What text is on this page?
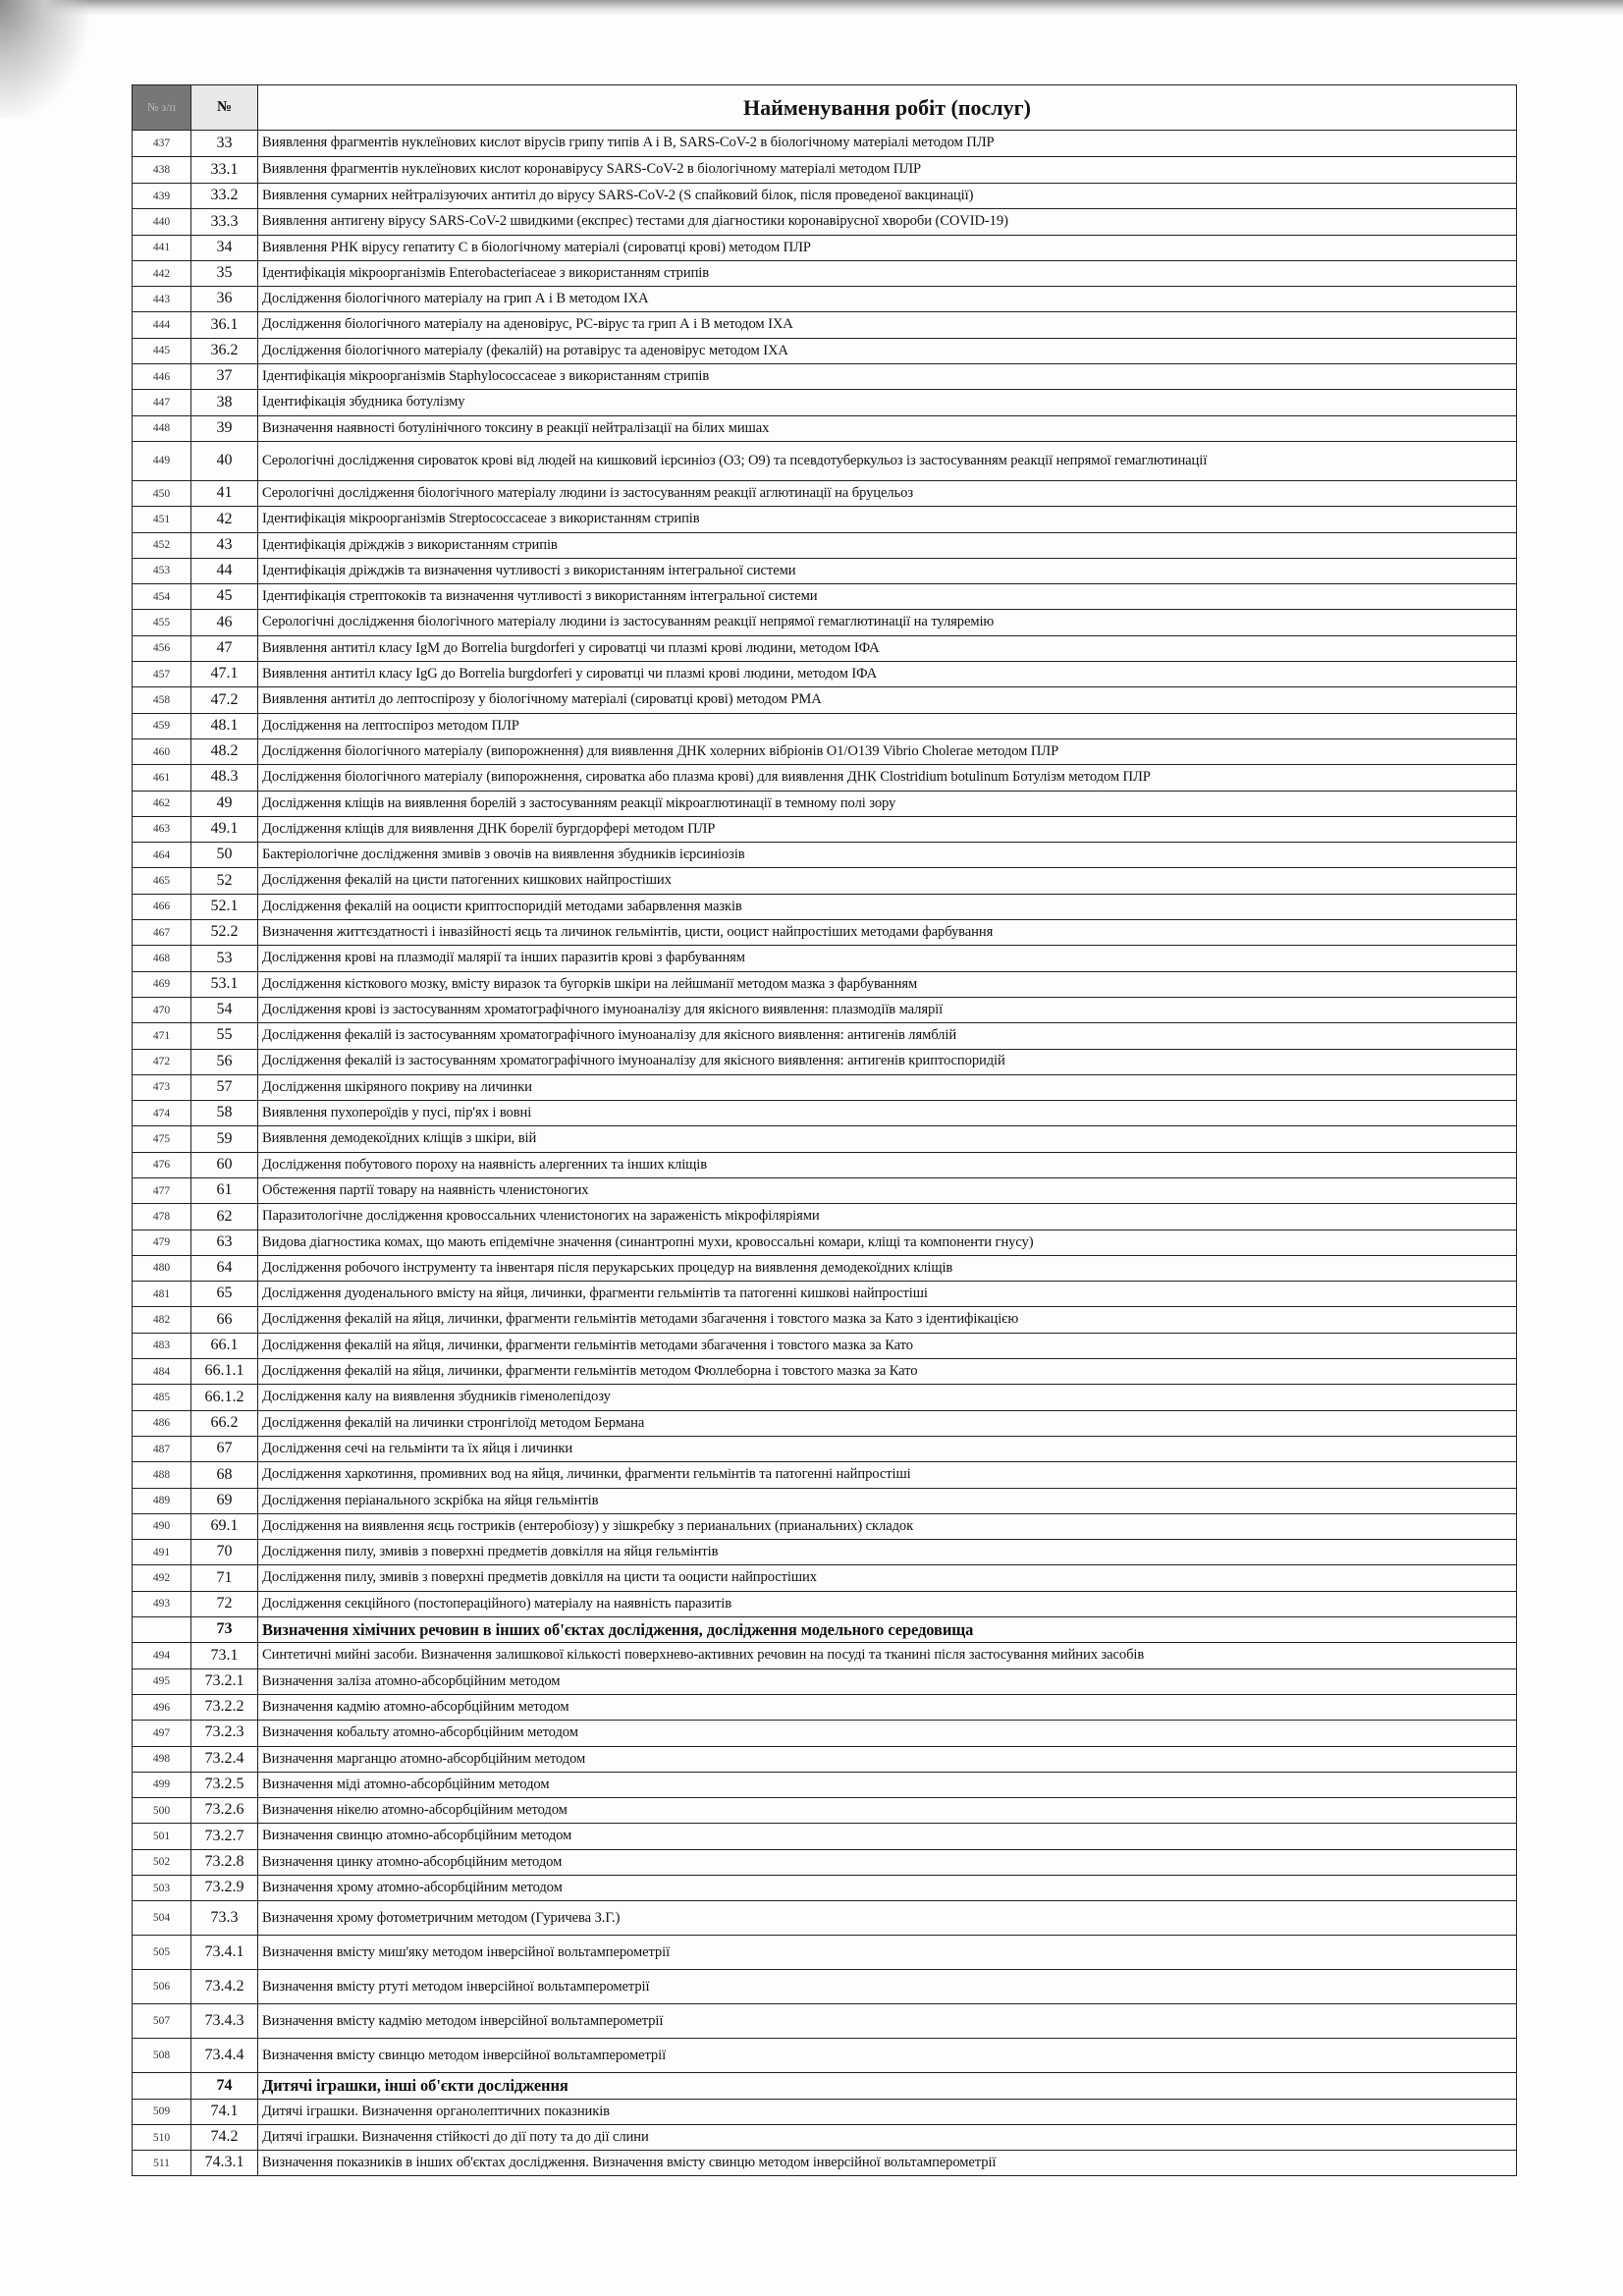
№ з/п	№	Найменування робіт (послуг)
437	33	Виявлення фрагментів нуклеїнових кислот вірусів грипу типів A і B, SARS-CoV-2 в біологічному матеріалі методом ПЛР
438	33.1	Виявлення фрагментів нуклеїнових кислот коронавірусу SARS-CoV-2 в біологічному матеріалі методом ПЛР
439	33.2	Виявлення сумарних нейтралізуючих антитіл до вірусу SARS-CoV-2 (S спайковий білок, після проведеної вакцинації)
440	33.3	Виявлення антигену вірусу SARS-CoV-2 швидкими (експрес) тестами для діагностики коронавірусної хвороби (COVID-19)
441	34	Виявлення РНК вірусу гепатиту С в біологічному матеріалі (сироватці крові) методом ПЛР
442	35	Ідентифікація мікроорганізмів Enterobacteriaceae з використанням стрипів
443	36	Дослідження біологічного матеріалу на грип А і В методом ІХА
444	36.1	Дослідження біологічного матеріалу на аденовірус, РС-вірус та грип А і В методом ІХА
445	36.2	Дослідження біологічного матеріалу (фекалій) на ротавірус та аденовірус методом ІХА
446	37	Ідентифікація мікроорганізмів Staphylococcaceae з використанням стрипів
447	38	Ідентифікація збудника ботулізму
448	39	Визначення наявності ботулінічного токсину в реакції нейтралізації на білих мишах
449	40	Серологічні дослідження сироваток крові від людей на кишковий ієрсиніоз (О3; О9) та псевдотуберкульоз із застосуванням реакції непрямої гемаглютинації
450	41	Серологічні дослідження біологічного матеріалу людини із застосуванням реакції аглютинації на бруцельоз
451	42	Ідентифікація мікроорганізмів Streptococcaceae з використанням стрипів
452	43	Ідентифікація дріжджів з використанням стрипів
453	44	Ідентифікація дріжджів та визначення чутливості з використанням інтегральної системи
454	45	Ідентифікація стрептококів та визначення чутливості з використанням інтегральної системи
455	46	Серологічні дослідження біологічного матеріалу людини із застосуванням реакції непрямої гемаглютинації на туляремію
456	47	Виявлення антитіл класу IgM до Borrelia burgdorferi у сироватці чи плазмі крові людини, методом ІФА
457	47.1	Виявлення антитіл класу IgG до Borrelia burgdorferi у сироватці чи плазмі крові людини, методом ІФА
458	47.2	Виявлення антитіл до лептоспірозу у біологічному матеріалі (сироватці крові) методом РМА
459	48.1	Дослідження на лептоспіроз методом ПЛР
460	48.2	Дослідження біологічного матеріалу (випорожнення) для виявлення ДНК холерних вібріонів О1/О139 Vibrio Cholerae методом ПЛР
461	48.3	Дослідження біологічного матеріалу (випорожнення, сироватка або плазма крові) для виявлення ДНК Clostridium botulinum Ботулізм методом ПЛР
462	49	Дослідження кліщів на виявлення борелій з застосуванням реакції мікроаглютинації в темному полі зору
463	49.1	Дослідження кліщів для виявлення ДНК борелії бургдорфері методом ПЛР
464	50	Бактеріологічне дослідження змивів з овочів на виявлення збудників ієрсиніозів
465	52	Дослідження фекалій на цисти патогенних кишкових найпростіших
466	52.1	Дослідження фекалій на ооцисти криптоспоридій методами забарвлення мазків
467	52.2	Визначення життєздатності і інвазійності яєць та личинок гельмінтів, цисти, ооцист найпростіших методами фарбування
468	53	Дослідження крові на плазмодії малярії та інших паразитів крові з фарбуванням
469	53.1	Дослідження кісткового мозку, вмісту виразок та бугорків шкіри на лейшманії методом мазка з фарбуванням
470	54	Дослідження крові із застосуванням хроматографічного імуноаналізу для якісного виявлення: плазмодіїв малярії
471	55	Дослідження фекалій із застосуванням хроматографічного імуноаналізу для якісного виявлення: антигенів лямблій
472	56	Дослідження фекалій із застосуванням хроматографічного імуноаналізу для якісного виявлення: антигенів криптоспоридій
473	57	Дослідження шкіряного покриву на личинки
474	58	Виявлення пухопероїдів у пусі, пір'ях і вовні
475	59	Виявлення демодекоїдних кліщів з шкіри, вій
476	60	Дослідження побутового пороху на наявність алергенних та інших кліщів
477	61	Обстеження партії товару на наявність членистоногих
478	62	Паразитологічне дослідження кровоссальних членистоногих на зараженість мікрофіляріями
479	63	Видова діагностика комах, що мають епідемічне значення (синантропні мухи, кровоссальні комари, кліщі та компоненти гнусу)
480	64	Дослідження робочого інструменту та інвентаря після перукарських процедур на виявлення демодекоїдних кліщів
481	65	Дослідження дуоденального вмісту на яйця, личинки, фрагменти гельмінтів та патогенні кишкові найпростіші
482	66	Дослідження фекалій на яйця, личинки, фрагменти гельмінтів методами збагачення і товстого мазка за Като з ідентифікацією
483	66.1	Дослідження фекалій на яйця, личинки, фрагменти гельмінтів методами збагачення і товстого мазка за Като
484	66.1.1	Дослідження фекалій на яйця, личинки, фрагменти гельмінтів методом Фюллеборна і товстого мазка за Като
485	66.1.2	Дослідження калу на виявлення збудників гіменолепідозу
486	66.2	Дослідження фекалій на личинки стронгілоїд методом Бермана
487	67	Дослідження сечі на гельмінти та їх яйця і личинки
488	68	Дослідження харкотиння, промивних вод на яйця, личинки, фрагменти гельмінтів та патогенні найпростіші
489	69	Дослідження періанального зскрібка на яйця гельмінтів
490	69.1	Дослідження на виявлення яєць гостриків (ентеробіозу) у зішкребку з перианальних (прианальних) складок
491	70	Дослідження пилу, змивів з поверхні предметів довкілля на яйця гельмінтів
492	71	Дослідження пилу, змивів з поверхні предметів довкілля на цисти та ооцисти найпростіших
493	72	Дослідження секційного (постопераційного) матеріалу на наявність паразитів
	73	Визначення хімічних речовин в інших об'єктах дослідження, дослідження модельного середовища
494	73.1	Синтетичні мийні засоби. Визначення залишкової кількості поверхнево-активних речовин на посуді та тканині після застосування мийних засобів
495	73.2.1	Визначення заліза атомно-абсорбційним методом
496	73.2.2	Визначення кадмію атомно-абсорбційним методом
497	73.2.3	Визначення кобальту атомно-абсорбційним методом
498	73.2.4	Визначення марганцю атомно-абсорбційним методом
499	73.2.5	Визначення міді атомно-абсорбційним методом
500	73.2.6	Визначення нікелю атомно-абсорбційним методом
501	73.2.7	Визначення свинцю атомно-абсорбційним методом
502	73.2.8	Визначення цинку атомно-абсорбційним методом
503	73.2.9	Визначення хрому атомно-абсорбційним методом
504	73.3	Визначення хрому фотометричним методом (Гуричева З.Г.)
505	73.4.1	Визначення вмісту миш'яку методом інверсійної вольтамперометрії
506	73.4.2	Визначення вмісту ртуті методом інверсійної вольтамперометрії
507	73.4.3	Визначення вмісту кадмію методом інверсійної вольтамперометрії
508	73.4.4	Визначення вмісту свинцю методом інверсійної вольтамперометрії
	74	Дитячі іграшки, інші об'єкти дослідження
509	74.1	Дитячі іграшки. Визначення органолептичних показників
510	74.2	Дитячі іграшки. Визначення стійкості до дії поту та до дії слини
511	74.3.1	Визначення показників в інших об'єктах дослідження. Визначення вмісту свинцю методом інверсійної вольтамперометрії
